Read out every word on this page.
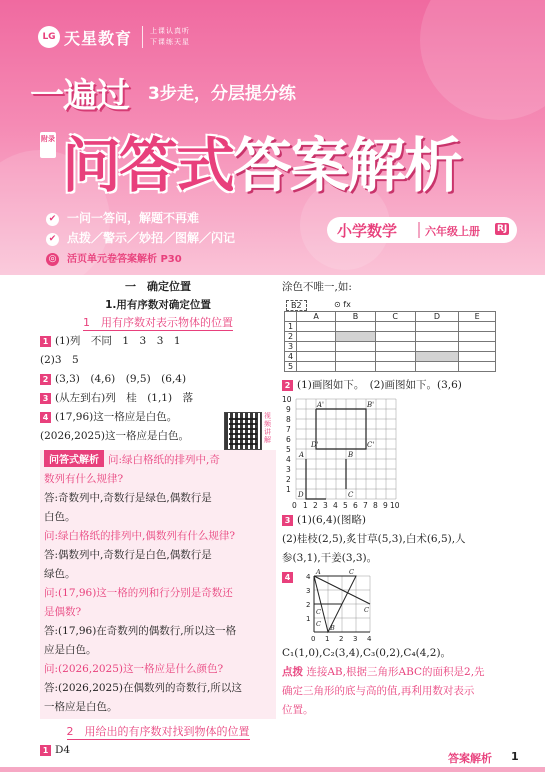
LG 天星教育	上课认真听
下课练天星
一遍过 3步走，分层提分练
附录 问答式答案解析
✔ 一问一答问，解题不再难
✔ 点拨／警示／妙招／图解／闪记
◎ 活页单元卷答案解析 P30
小学数学	六年级上册 RJ
一　确定位置
1.用有序数对确定位置
1　用有序数对表示物体的位置
1 (1)列　不同　1　3　3　1
(2)3　5
2 (3,3)　(4,6)　(9,5)　(6,4)
3 (从左到右)列　桂　(1,1)　落
4 (17,96)这一格应是白色。
(2026,2025)这一格应是白色。
视频讲解
问答式解析 问:绿白格纸的排列中,奇
数列有什么规律?
答:奇数列中,奇数行是绿色,偶数行是
白色。
问:绿白格纸的排列中,偶数列有什么规律?
答:偶数列中,奇数行是白色,偶数行是
绿色。
问:(17,96)这一格的列和行分别是奇数还
是偶数?
答:(17,96)在奇数列的偶数行,所以这一格
应是白色。
问:(2026,2025)这一格应是什么颜色?
答:(2026,2025)在偶数列的奇数行,所以这
一格应是白色。
2　用给出的有序数对找到物体的位置
1 D4
涂色不唯一,如:
B2	⊙ fx
	A	B	C	D	E
1					
2					
3					
4					
5					
2 (1)画图如下。　(2)画图如下。(3,6)
A'	B'
D'	C'
A	B
D	C
10
9
8
7
6
5
4
3
2
1
0 1 2 3 4 5 6 7 8 9 10
3 (1)(6,4)(图略)
(2)桂枝(2,5),炙甘草(5,3),白术(6,5),人
参(3,1),干姜(3,3)。
4
A	C
B
C	C
C
4
3
2
1
0 1 2 3 4
C₁(1,0),C₂(3,4),C₃(0,2),C₄(4,2)。
点拨 连接AB,根据三角形ABC的面积是2,先
确定三角形的底与高的值,再利用数对表示
位置。
答案解析 1
